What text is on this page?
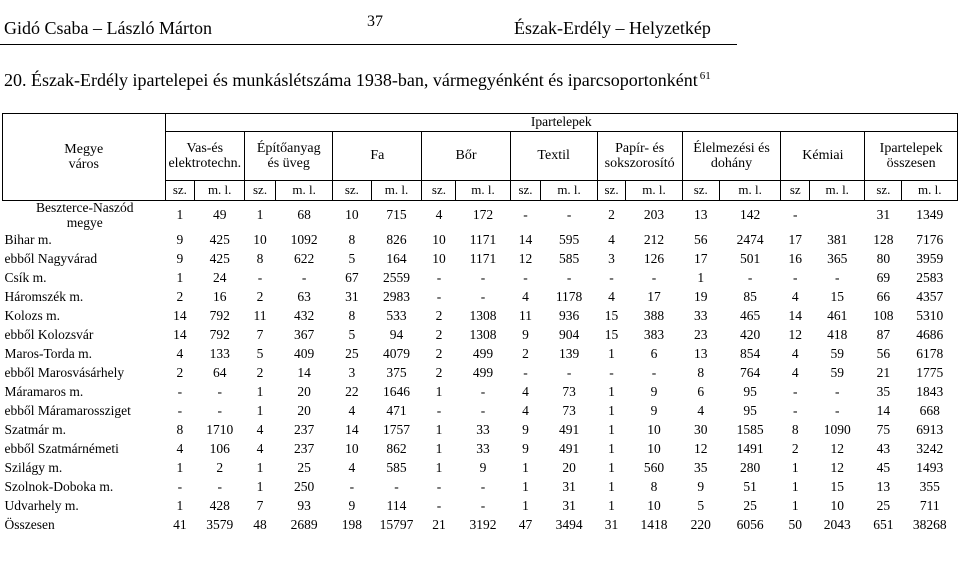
Gidó Csaba – László Márton	37	Észak-Erdély – Helyzetkép
20. Észak-Erdély ipartelepei és munkáslétszáma 1938-ban, vármegyénként és iparcsoportonként $^{61}$
Megye
város	Ipartelepek																	
	Vas-és
elektrotechn.		Építőanyag
és üveg		Fa		Bőr		Textil		Papír- és
sokszorosító		Élelmezési és
dohány		Kémiai		Ipartelepek
összesen	
	sz.	m. l.	sz.	m. l.	sz.	m. l.	sz.	m. l.	sz.	m. l.	sz.	m. l.	sz.	m. l.	sz	m. l.	sz.	m. l.
Beszterce-Naszód
megye	1	49	1	68	10	715	4	172	-	-	2	203	13	142	-		31	1349
Bihar m.	9	425	10	1092	8	826	10	1171	14	595	4	212	56	2474	17	381	128	7176
ebből Nagyvárad	9	425	8	622	5	164	10	1171	12	585	3	126	17	501	16	365	80	3959
Csík m.	1	24	-	-	67	2559	-	-	-	-	-	-	1	-	-	-	69	2583
Háromszék m.	2	16	2	63	31	2983	-	-	4	1178	4	17	19	85	4	15	66	4357
Kolozs m.	14	792	11	432	8	533	2	1308	11	936	15	388	33	465	14	461	108	5310
ebből Kolozsvár	14	792	7	367	5	94	2	1308	9	904	15	383	23	420	12	418	87	4686
Maros-Torda m.	4	133	5	409	25	4079	2	499	2	139	1	6	13	854	4	59	56	6178
ebből Marosvásárhely	2	64	2	14	3	375	2	499	-	-	-	-	8	764	4	59	21	1775
Máramaros m.	-	-	1	20	22	1646	1	-	4	73	1	9	6	95	-	-	35	1843
ebből Máramarossziget	-	-	1	20	4	471	-	-	4	73	1	9	4	95	-	-	14	668
Szatmár m.	8	1710	4	237	14	1757	1	33	9	491	1	10	30	1585	8	1090	75	6913
ebből Szatmárnémeti	4	106	4	237	10	862	1	33	9	491	1	10	12	1491	2	12	43	3242
Szilágy m.	1	2	1	25	4	585	1	9	1	20	1	560	35	280	1	12	45	1493
Szolnok-Doboka m.	-	-	1	250	-	-	-	-	1	31	1	8	9	51	1	15	13	355
Udvarhely m.	1	428	7	93	9	114	-	-	1	31	1	10	5	25	1	10	25	711
Összesen	41	3579	48	2689	198	15797	21	3192	47	3494	31	1418	220	6056	50	2043	651	38268
